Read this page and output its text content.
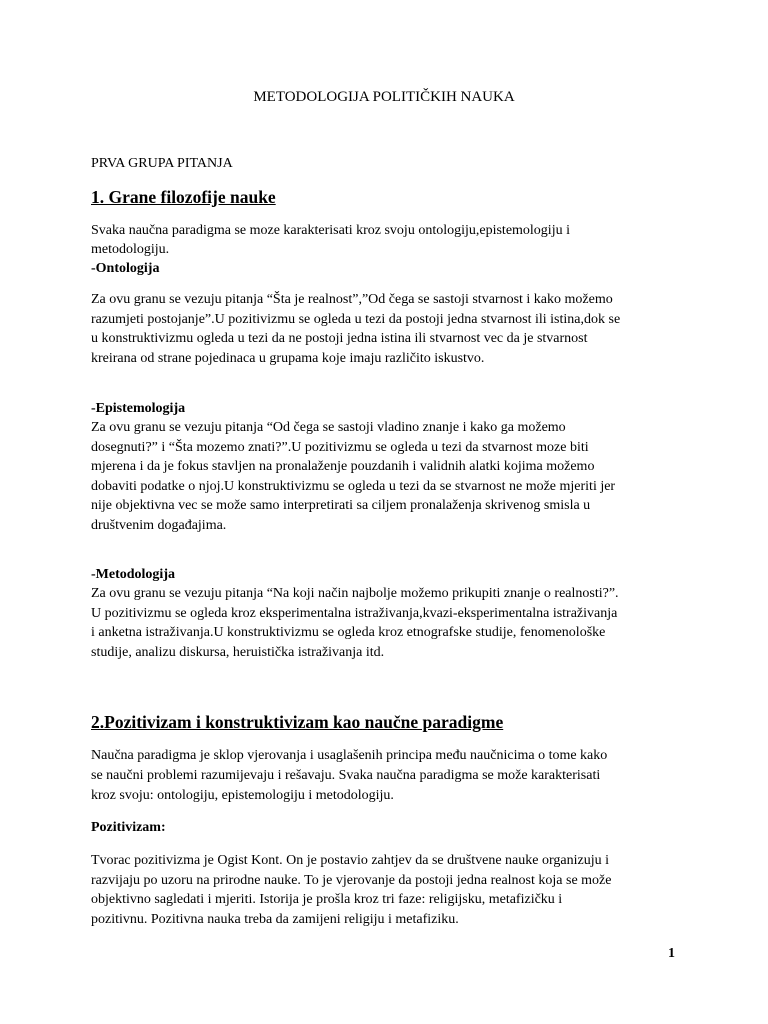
METODOLOGIJA POLITIČKIH NAUKA
PRVA GRUPA PITANJA
1. Grane filozofije nauke
Svaka naučna paradigma se moze karakterisati kroz svoju ontologiju,epistemologiju i
metodologiju.
-Ontologija
Za ovu granu se vezuju pitanja “Šta je realnost”,”Od čega se sastoji stvarnost i kako možemo
razumjeti postojanje”.U pozitivizmu se ogleda u tezi da postoji jedna stvarnost ili istina,dok se
u konstruktivizmu ogleda u tezi da ne postoji jedna istina ili stvarnost vec da je stvarnost
kreirana od strane pojedinaca u grupama koje imaju različito iskustvo.
-Epistemologija
Za ovu granu se vezuju pitanja “Od čega se sastoji vladino znanje i kako ga možemo
dosegnuti?” i “Šta mozemo znati?”.U pozitivizmu se ogleda u tezi da stvarnost moze biti
mjerena i da je fokus stavljen na pronalaženje pouzdanih i validnih alatki kojima možemo
dobaviti podatke o njoj.U konstruktivizmu se ogleda u tezi da se stvarnost ne može mjeriti jer
nije objektivna vec se može samo interpretirati sa ciljem pronalaženja skrivenog smisla u
društvenim događajima.
-Metodologija
Za ovu granu se vezuju pitanja “Na koji način najbolje možemo prikupiti znanje o realnosti?”.
U pozitivizmu se ogleda kroz eksperimentalna istraživanja,kvazi-eksperimentalna istraživanja
i anketna istraživanja.U konstruktivizmu se ogleda kroz etnografske studije, fenomenološke
studije, analizu diskursa, heruistička istraživanja itd.
2.Pozitivizam i konstruktivizam kao naučne paradigme
Naučna paradigma je sklop vjerovanja i usaglašenih principa među naučnicima o tome kako
se naučni problemi razumijevaju i rešavaju. Svaka naučna paradigma se može karakterisati
kroz svoju: ontologiju, epistemologiju i metodologiju.
Pozitivizam:
Tvorac pozitivizma je Ogist Kont. On je postavio zahtjev da se društvene nauke organizuju i
razvijaju po uzoru na prirodne nauke. To je vjerovanje da postoji jedna realnost koja se može
objektivno sagledati i mjeriti. Istorija je prošla kroz tri faze: religijsku, metafizičku i
pozitivnu. Pozitivna nauka treba da zamijeni religiju i metafiziku.
1
